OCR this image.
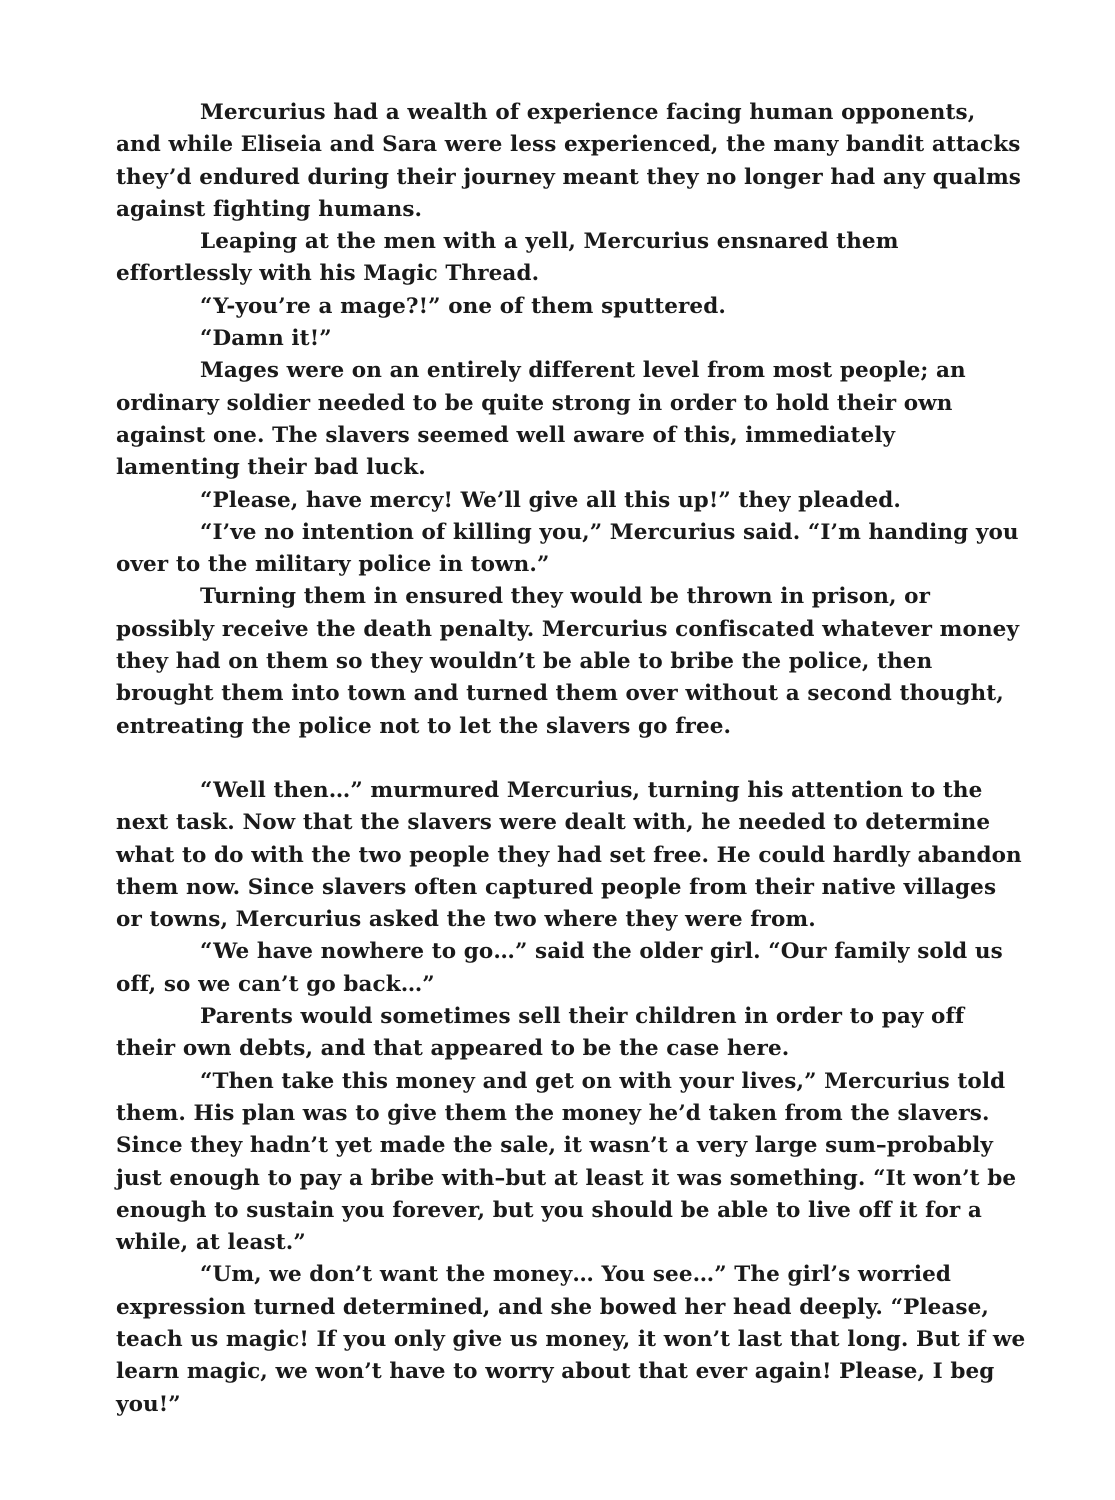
Mercurius had a wealth of experience facing human opponents, and while Eliseia and Sara were less experienced, the many bandit attacks they’d endured during their journey meant they no longer had any qualms against fighting humans.

Leaping at the men with a yell, Mercurius ensnared them effortlessly with his Magic Thread.

“Y-you’re a mage?!” one of them sputtered.

“Damn it!”

Mages were on an entirely different level from most people; an ordinary soldier needed to be quite strong in order to hold their own against one. The slavers seemed well aware of this, immediately lamenting their bad luck.

“Please, have mercy! We’ll give all this up!” they pleaded.

“I’ve no intention of killing you,” Mercurius said. “I’m handing you over to the military police in town.”

Turning them in ensured they would be thrown in prison, or possibly receive the death penalty. Mercurius confiscated whatever money they had on them so they wouldn’t be able to bribe the police, then brought them into town and turned them over without a second thought, entreating the police not to let the slavers go free.

“Well then…” murmured Mercurius, turning his attention to the next task. Now that the slavers were dealt with, he needed to determine what to do with the two people they had set free. He could hardly abandon them now. Since slavers often captured people from their native villages or towns, Mercurius asked the two where they were from.

“We have nowhere to go…” said the older girl. “Our family sold us off, so we can’t go back…”

Parents would sometimes sell their children in order to pay off their own debts, and that appeared to be the case here.

“Then take this money and get on with your lives,” Mercurius told them. His plan was to give them the money he’d taken from the slavers. Since they hadn’t yet made the sale, it wasn’t a very large sum–probably just enough to pay a bribe with–but at least it was something. “It won’t be enough to sustain you forever, but you should be able to live off it for a while, at least.”

“Um, we don’t want the money… You see…” The girl’s worried expression turned determined, and she bowed her head deeply. “Please, teach us magic! If you only give us money, it won’t last that long. But if we learn magic, we won’t have to worry about that ever again! Please, I beg you!”
